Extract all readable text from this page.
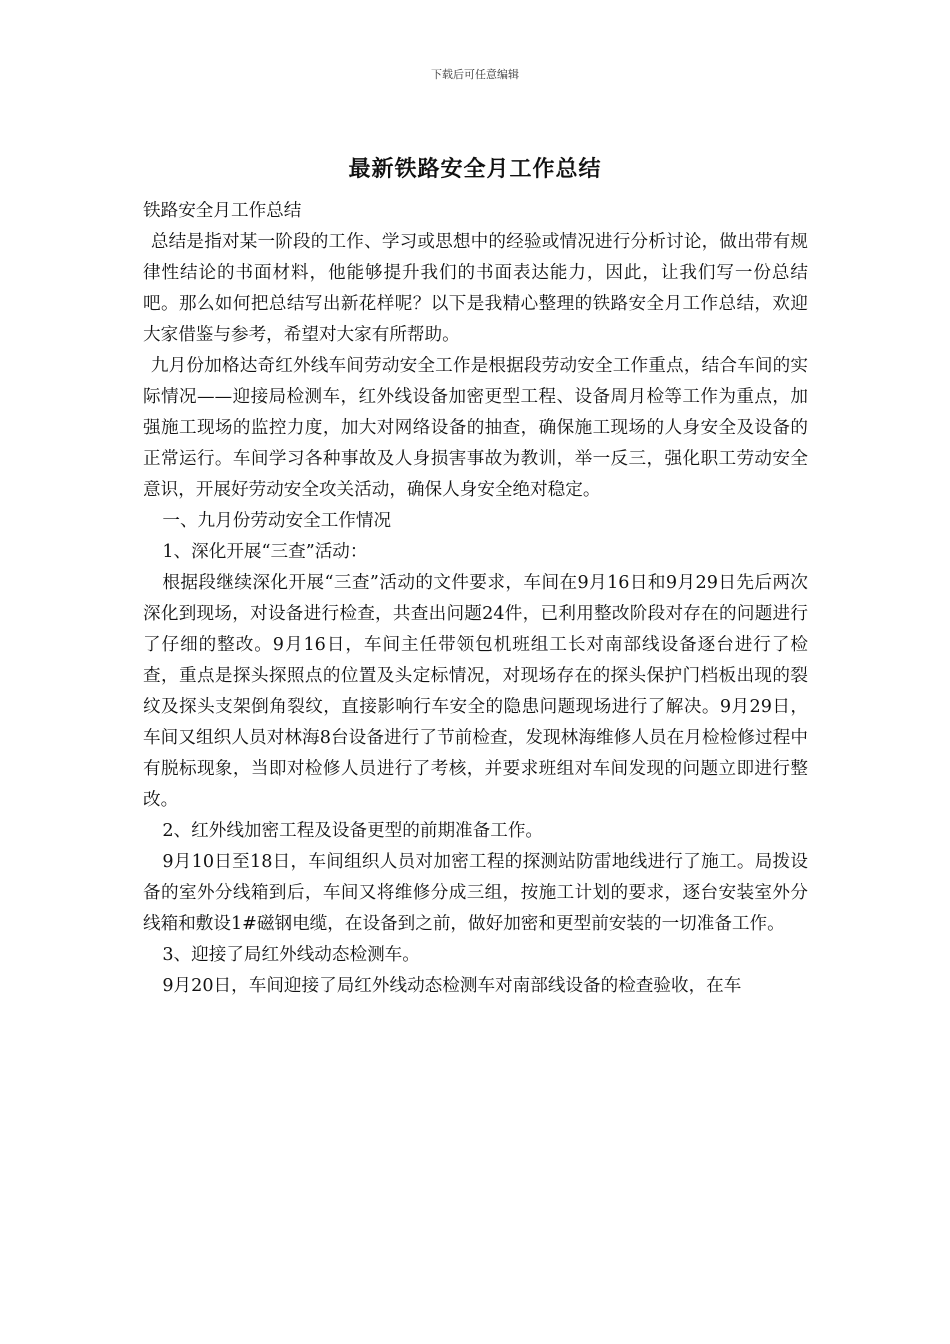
下载后可任意编辑
最新铁路安全月工作总结

铁路安全月工作总结

总结是指对某一阶段的工作、学习或思想中的经验或情况进行分析讨论，做出带有规律性结论的书面材料，他能够提升我们的书面表达能力，因此，让我们写一份总结吧。那么如何把总结写出新花样呢？以下是我精心整理的铁路安全月工作总结，欢迎大家借鉴与参考，希望对大家有所帮助。

九月份加格达奇红外线车间劳动安全工作是根据段劳动安全工作重点，结合车间的实际情况——迎接局检测车，红外线设备加密更型工程、设备周月检等工作为重点，加强施工现场的监控力度，加大对网络设备的抽查，确保施工现场的人身安全及设备的正常运行。车间学习各种事故及人身损害事故为教训，举一反三，强化职工劳动安全意识，开展好劳动安全攻关活动，确保人身安全绝对稳定。

一、九月份劳动安全工作情况

1、深化开展“三查”活动：

根据段继续深化开展“三查”活动的文件要求，车间在9月16日和9月29日先后两次深化到现场，对设备进行检查，共查出问题24件，已利用整改阶段对存在的问题进行了仔细的整改。9月16日，车间主任带领包机班组工长对南部线设备逐台进行了检查，重点是探头探照点的位置及头定标情况，对现场存在的探头保护门档板出现的裂纹及探头支架倒角裂纹，直接影响行车安全的隐患问题现场进行了解决。9月29日，车间又组织人员对林海8台设备进行了节前检查，发现林海维修人员在月检检修过程中有脱标现象，当即对检修人员进行了考核，并要求班组对车间发现的问题立即进行整改。

2、红外线加密工程及设备更型的前期准备工作。

9月10日至18日，车间组织人员对加密工程的探测站防雷地线进行了施工。局拨设备的室外分线箱到后，车间又将维修分成三组，按施工计划的要求，逐台安装室外分线箱和敷设1#磁钢电缆，在设备到之前，做好加密和更型前安装的一切准备工作。

3、迎接了局红外线动态检测车。

9月20日，车间迎接了局红外线动态检测车对南部线设备的检查验收，在车
